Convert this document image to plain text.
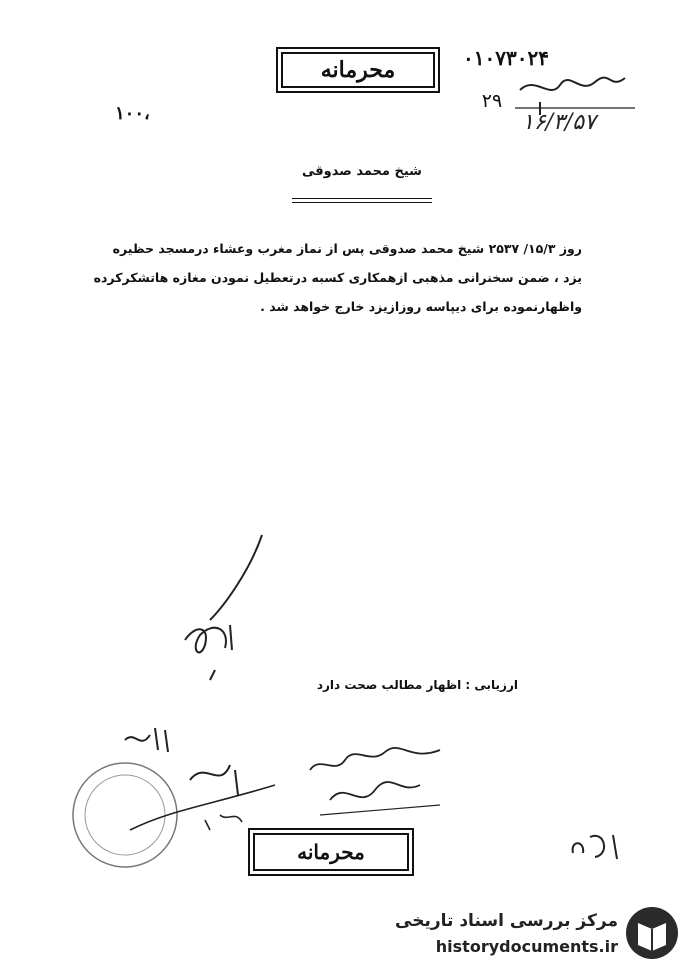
محرمانه	۰۱۰۷۳۰۲۴
۱۶/۳/۵۷
۲۹
۱۰۰،
شیخ محمد صدوقی
روز ۱۵/۳/ ۲۵۳۷ شیخ محمد صدوقی پس از نماز مغرب وعشاء درمسجد حظیره یزد ، ضمن سخنرانی مذهبی ازهمکاری کسبه درتعطیل نمودن مغازه هاتشکرکرده واظهارنموده برای دیپاسه روزازیزد خارج خواهد شد .
ارزیابی : اظهار مطالب صحت دارد
محرمانه
مرکز بررسی اسناد تاریخی
historydocuments.ir
